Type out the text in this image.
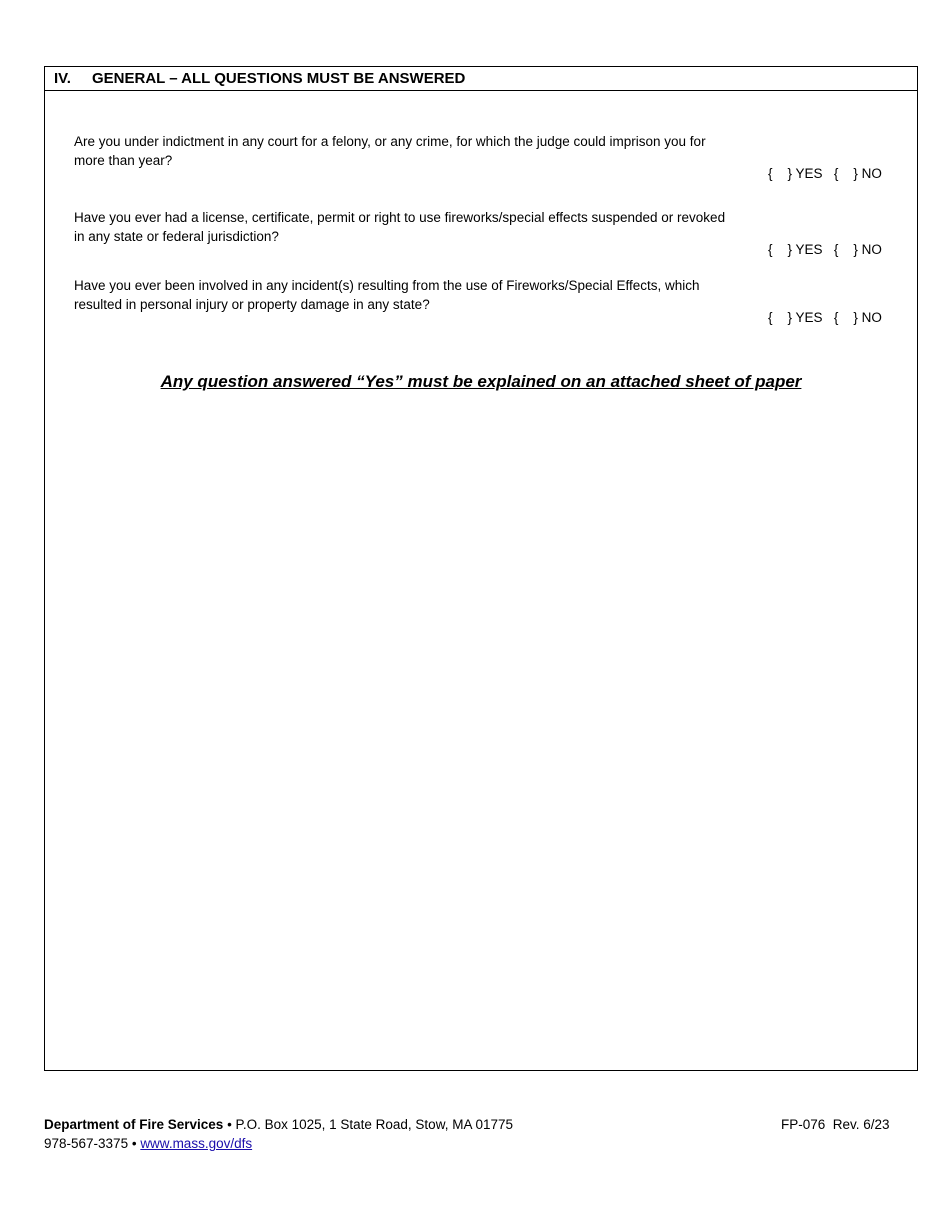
IV.	GENERAL – ALL QUESTIONS MUST BE ANSWERED
Are you under indictment in any court for a felony, or any crime, for which the judge could imprison you for more than year?

{    } YES {    } NO

Have you ever had a license, certificate, permit or right to use fireworks/special effects suspended or revoked in any state or federal jurisdiction?

{    } YES {    } NO

Have you ever been involved in any incident(s) resulting from the use of Fireworks/Special Effects, which resulted in personal injury or property damage in any state?

{    } YES {    } NO

Any question answered “Yes” must be explained on an attached sheet of paper
Department of Fire Services • P.O. Box 1025, 1 State Road, Stow, MA 01775
978-567-3375 • www.mass.gov/dfs
FP-076  Rev. 6/23
